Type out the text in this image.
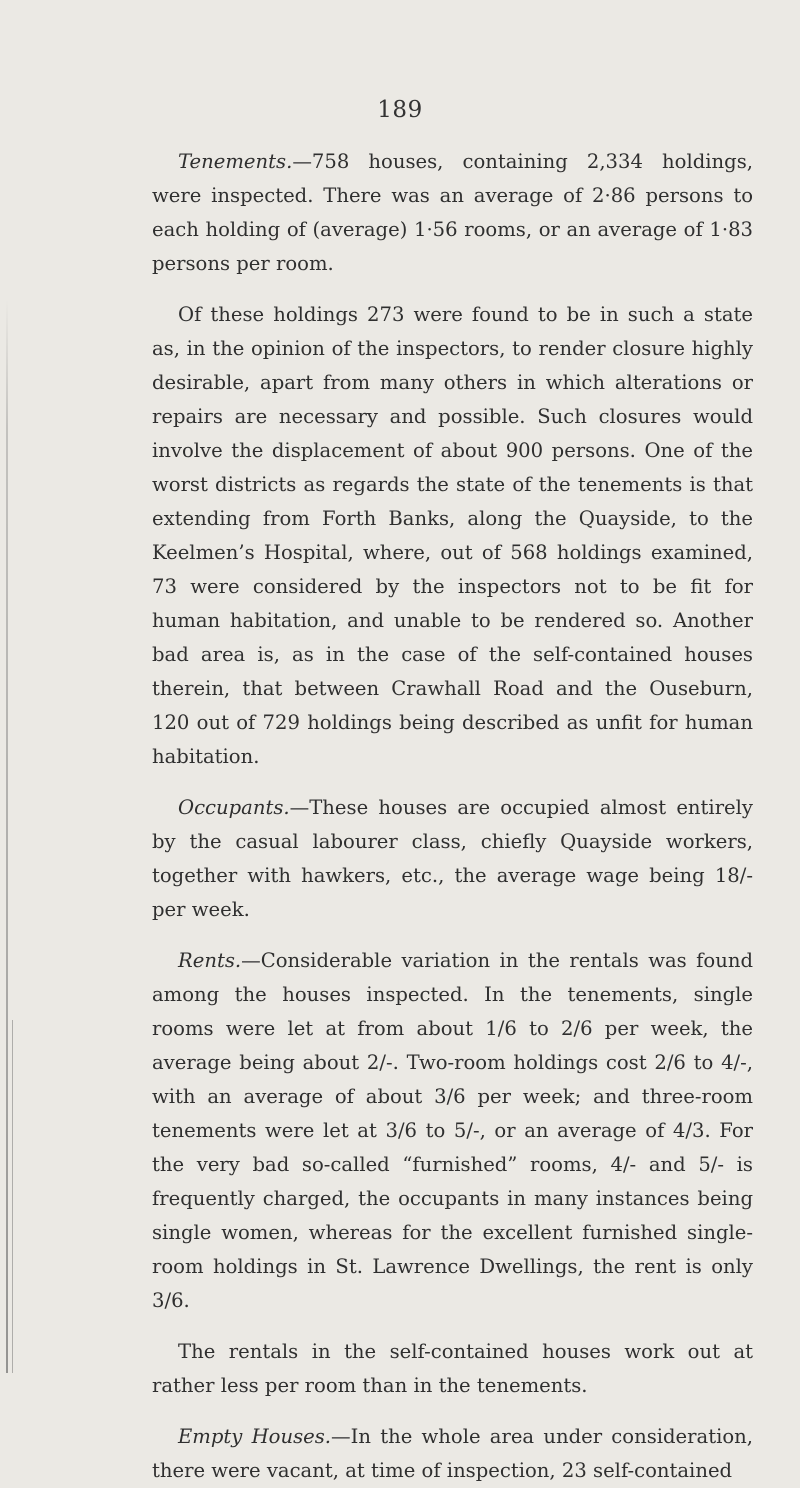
189

Tenements.—758 houses, containing 2,334 holdings, were inspected. There was an average of 2·86 persons to each holding of (average) 1·56 rooms, or an average of 1·83 persons per room.

Of these holdings 273 were found to be in such a state as, in the opinion of the inspectors, to render closure highly desirable, apart from many others in which alterations or repairs are necessary and possible. Such closures would involve the displacement of about 900 persons. One of the worst districts as regards the state of the tenements is that extending from Forth Banks, along the Quayside, to the Keelmen’s Hospital, where, out of 568 holdings examined, 73 were considered by the inspectors not to be fit for human habitation, and unable to be rendered so. Another bad area is, as in the case of the self-contained houses therein, that between Crawhall Road and the Ouseburn, 120 out of 729 holdings being described as unfit for human habitation.

Occupants.—These houses are occupied almost entirely by the casual labourer class, chiefly Quayside workers, together with hawkers, etc., the average wage being 18/- per week.

Rents.—Considerable variation in the rentals was found among the houses inspected. In the tenements, single rooms were let at from about 1/6 to 2/6 per week, the average being about 2/-. Two-room holdings cost 2/6 to 4/-, with an average of about 3/6 per week; and three-room tenements were let at 3/6 to 5/-, or an average of 4/3. For the very bad so-called “furnished” rooms, 4/- and 5/- is frequently charged, the occupants in many instances being single women, whereas for the excellent furnished single-room holdings in St. Lawrence Dwellings, the rent is only 3/6.

The rentals in the self-contained houses work out at rather less per room than in the tenements.

Empty Houses.—In the whole area under consideration, there were vacant, at time of inspection, 23 self-contained
